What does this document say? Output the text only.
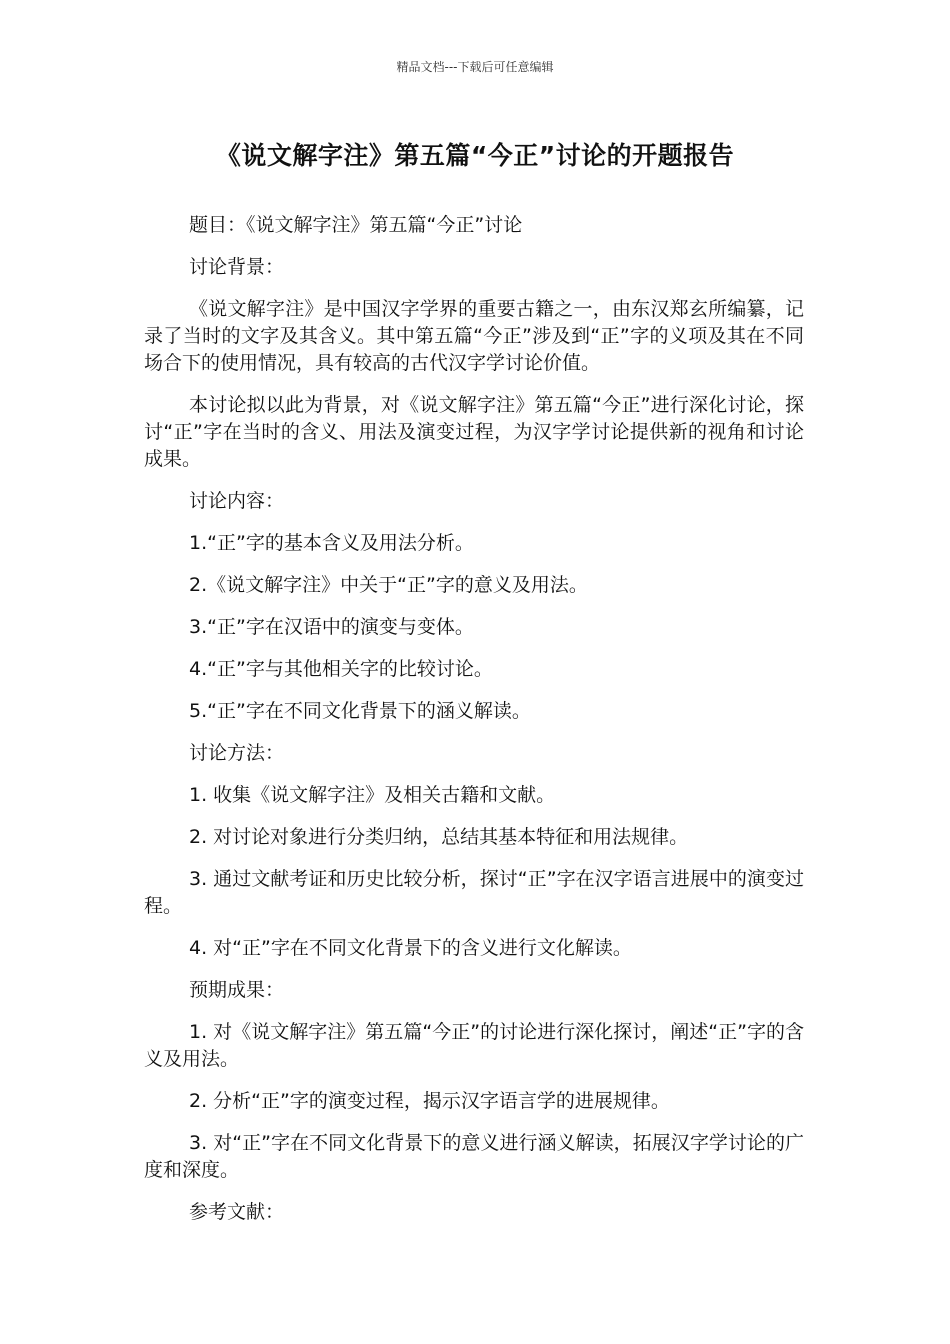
精品文档---下载后可任意编辑
《说文解字注》第五篇“今正”讨论的开题报告

题目：《说文解字注》第五篇“今正”讨论

讨论背景：

《说文解字注》是中国汉字学界的重要古籍之一，由东汉郑玄所编纂，记录了当时的文字及其含义。其中第五篇“今正”涉及到“正”字的义项及其在不同场合下的使用情况，具有较高的古代汉字学讨论价值。

本讨论拟以此为背景，对《说文解字注》第五篇“今正”进行深化讨论，探讨“正”字在当时的含义、用法及演变过程，为汉字学讨论提供新的视角和讨论成果。

讨论内容：

1.“正”字的基本含义及用法分析。

2.《说文解字注》中关于“正”字的意义及用法。

3.“正”字在汉语中的演变与变体。

4.“正”字与其他相关字的比较讨论。

5.“正”字在不同文化背景下的涵义解读。

讨论方法：

1. 收集《说文解字注》及相关古籍和文献。

2. 对讨论对象进行分类归纳，总结其基本特征和用法规律。

3. 通过文献考证和历史比较分析，探讨“正”字在汉字语言进展中的演变过程。

4. 对“正”字在不同文化背景下的含义进行文化解读。

预期成果：

1. 对《说文解字注》第五篇“今正”的讨论进行深化探讨，阐述“正”字的含义及用法。

2. 分析“正”字的演变过程，揭示汉字语言学的进展规律。

3. 对“正”字在不同文化背景下的意义进行涵义解读，拓展汉字学讨论的广度和深度。

参考文献：
